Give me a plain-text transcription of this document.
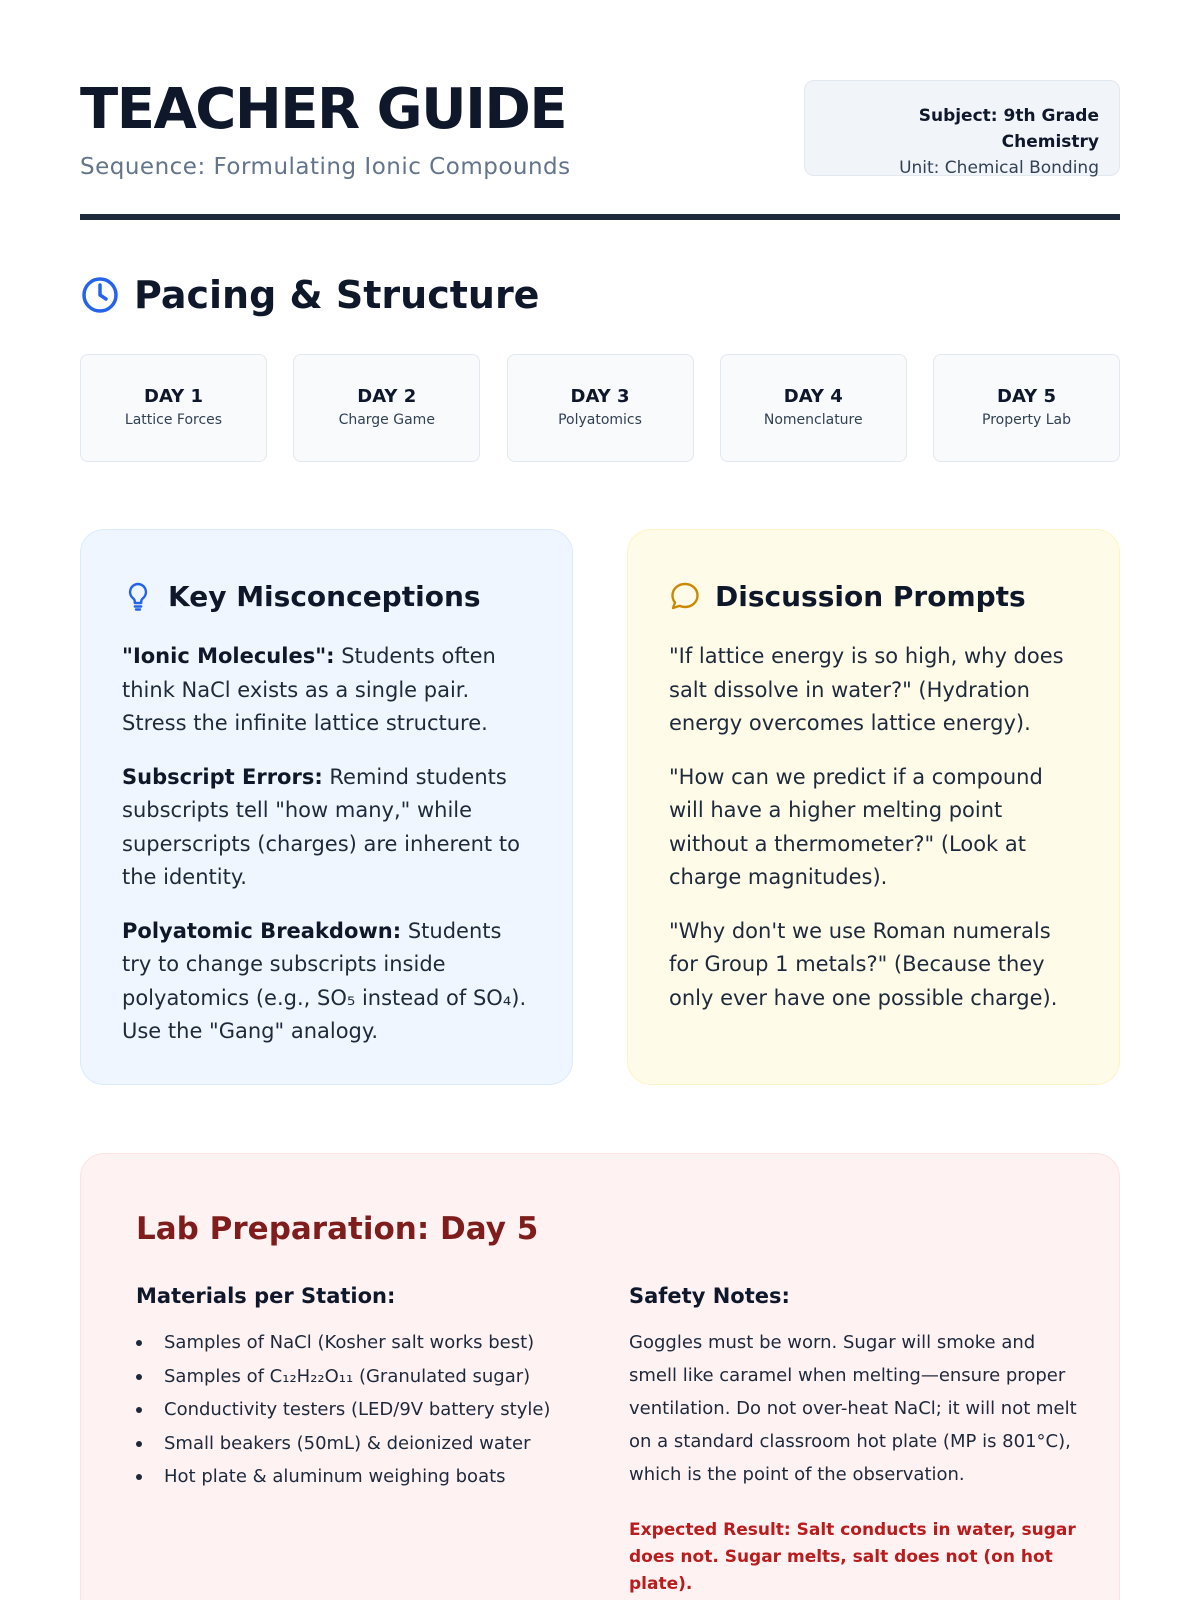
TEACHER GUIDE
Sequence: Formulating Ionic Compounds
Subject: 9th Grade Chemistry
Unit: Chemical Bonding
Pacing & Structure
DAY 1
Lattice Forces
DAY 2
Charge Game
DAY 3
Polyatomics
DAY 4
Nomenclature
DAY 5
Property Lab
Key Misconceptions

"Ionic Molecules": Students often think NaCl exists as a single pair. Stress the infinite lattice structure.

Subscript Errors: Remind students subscripts tell "how many," while superscripts (charges) are inherent to the identity.

Polyatomic Breakdown: Students try to change subscripts inside polyatomics (e.g., SO₅ instead of SO₄). Use the "Gang" analogy.

Discussion Prompts

"If lattice energy is so high, why does salt dissolve in water?" (Hydration energy overcomes lattice energy).

"How can we predict if a compound will have a higher melting point without a thermometer?" (Look at charge magnitudes).

"Why don't we use Roman numerals for Group 1 metals?" (Because they only ever have one possible charge).

Lab Preparation: Day 5
Materials per Station:
Samples of NaCl (Kosher salt works best)
Samples of C₁₂H₂₂O₁₁ (Granulated sugar)
Conductivity testers (LED/9V battery style)
Small beakers (50mL) & deionized water
Hot plate & aluminum weighing boats
Safety Notes:
Goggles must be worn. Sugar will smoke and smell like caramel when melting—ensure proper ventilation. Do not over-heat NaCl; it will not melt on a standard classroom hot plate (MP is 801°C), which is the point of the observation.
Expected Result: Salt conducts in water, sugar does not. Sugar melts, salt does not (on hot plate).
